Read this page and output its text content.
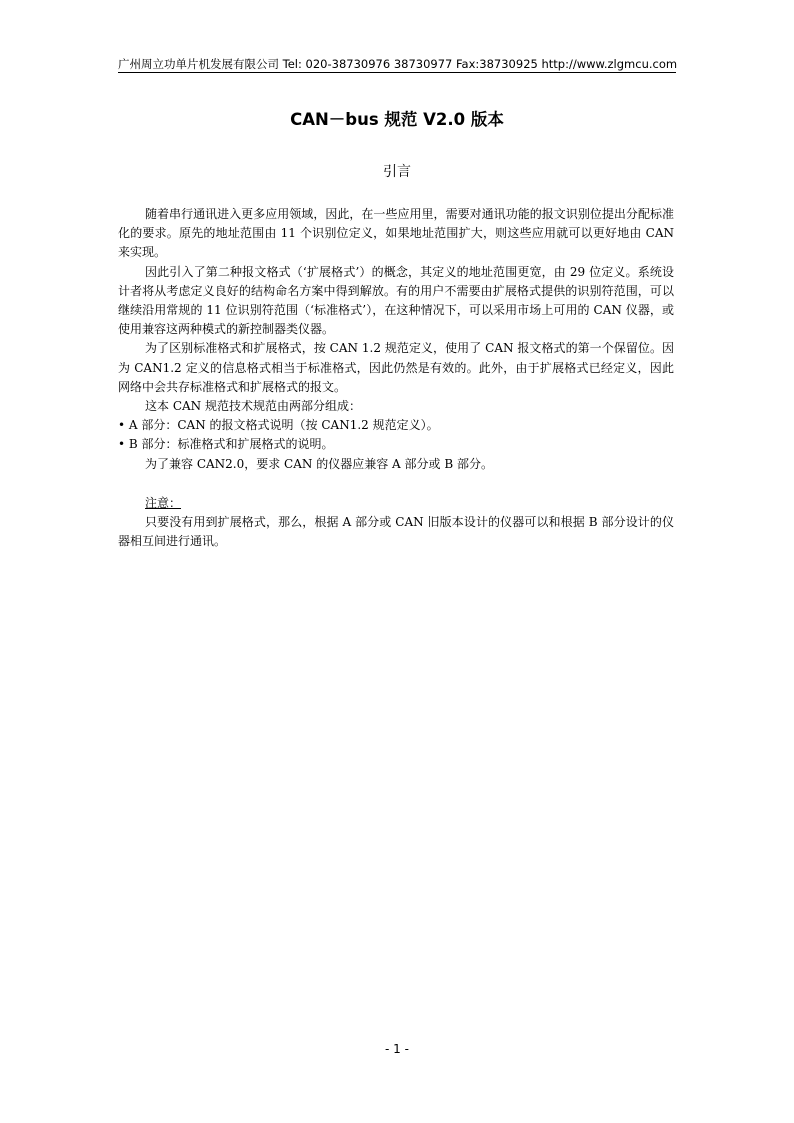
广州周立功单片机发展有限公司 Tel: 020-38730976 38730977 Fax:38730925 http://www.zlgmcu.com
CAN－bus 规范 V2.0 版本
引言

随着串行通讯进入更多应用领域，因此，在一些应用里，需要对通讯功能的报文识别位提出分配标准化的要求。原先的地址范围由 11 个识别位定义，如果地址范围扩大，则这些应用就可以更好地由 CAN 来实现。

因此引入了第二种报文格式（‘扩展格式’）的概念，其定义的地址范围更宽，由 29 位定义。系统设计者将从考虑定义良好的结构命名方案中得到解放。有的用户不需要由扩展格式提供的识别符范围，可以继续沿用常规的 11 位识别符范围（‘标准格式’），在这种情况下，可以采用市场上可用的 CAN 仪器，或使用兼容这两种模式的新控制器类仪器。

为了区别标准格式和扩展格式，按 CAN 1.2 规范定义，使用了 CAN 报文格式的第一个保留位。因为 CAN1.2 定义的信息格式相当于标准格式，因此仍然是有效的。此外，由于扩展格式已经定义，因此网络中会共存标准格式和扩展格式的报文。

这本 CAN 规范技术规范由两部分组成：

• A 部分：CAN 的报文格式说明（按 CAN1.2 规范定义）。

• B 部分：标准格式和扩展格式的说明。

为了兼容 CAN2.0，要求 CAN 的仪器应兼容 A 部分或 B 部分。

注意：

只要没有用到扩展格式，那么，根据 A 部分或 CAN 旧版本设计的仪器可以和根据 B 部分设计的仪器相互间进行通讯。

- 1 -
